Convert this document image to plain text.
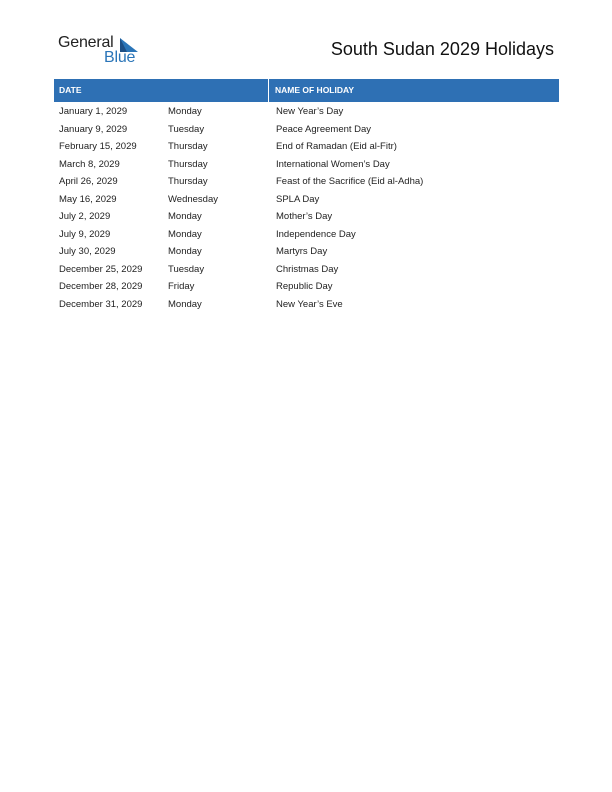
General
Blue	South Sudan 2029 Holidays
DATE	NAME OF HOLIDAY
January 1, 2029	Monday	New Year’s Day
January 9, 2029	Tuesday	Peace Agreement Day
February 15, 2029	Thursday	End of Ramadan (Eid al-Fitr)
March 8, 2029	Thursday	International Women’s Day
April 26, 2029	Thursday	Feast of the Sacrifice (Eid al-Adha)
May 16, 2029	Wednesday	SPLA Day
July 2, 2029	Monday	Mother’s Day
July 9, 2029	Monday	Independence Day
July 30, 2029	Monday	Martyrs Day
December 25, 2029	Tuesday	Christmas Day
December 28, 2029	Friday	Republic Day
December 31, 2029	Monday	New Year’s Eve
